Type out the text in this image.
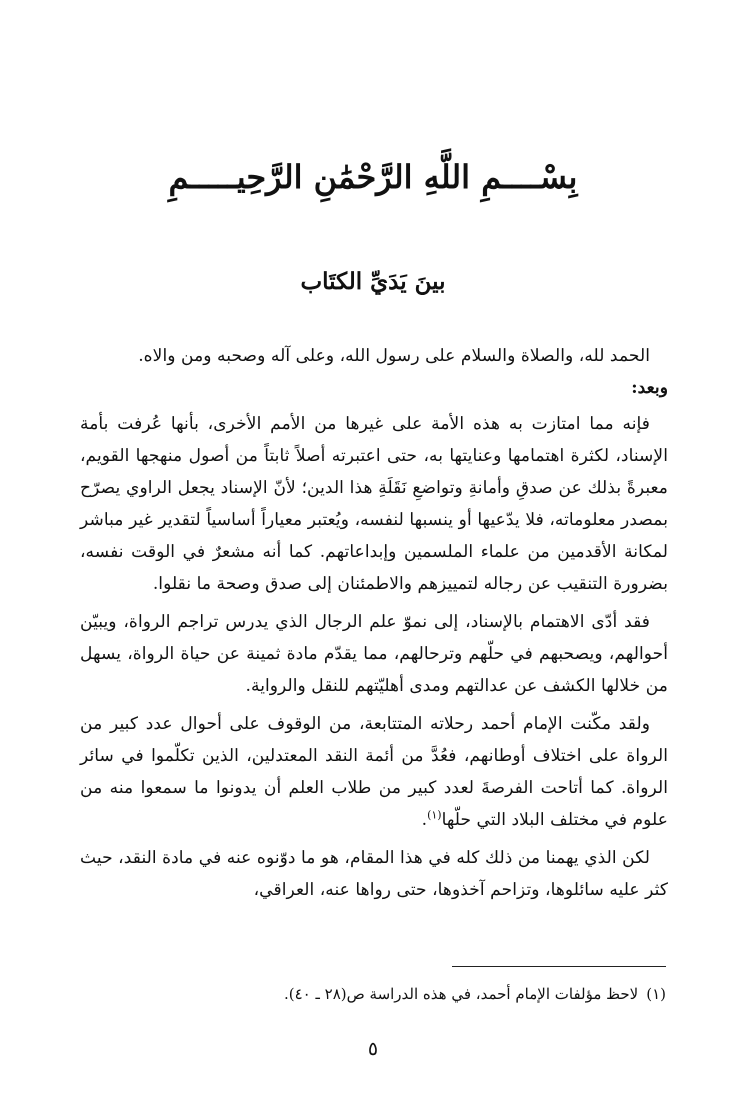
بِسْــــمِ اللَّهِ الرَّحْمَٰنِ الرَّحِيـــــمِ
بينَ يَدَيِّ الكتَاب

الحمد لله، والصلاة والسلام على رسول الله، وعلى آله وصحبه ومن والاه.

وبعد:

فإنه مما امتازت به هذه الأمة على غيرها من الأمم الأخرى، بأنها عُرفت بأمة الإسناد، لكثرة اهتمامها وعنايتها به، حتى اعتبرته أصلاً ثابتاً من أصول منهجها القويم، معبرةً بذلك عن صدقِ وأمانةِ وتواضعِ نَقَلَةِ هذا الدين؛ لأنّ الإسناد يجعل الراوي يصرّح بمصدر معلوماته، فلا يدّعيها أو ينسبها لنفسه، ويُعتبر معياراً أساسياً لتقدير غير مباشر لمكانة الأقدمين من علماء الملسمين وإبداعاتهم. كما أنه مشعرٌ في الوقت نفسه، بضرورة التنقيب عن رجاله لتمييزهم والاطمئنان إلى صدق وصحة ما نقلوا.

فقد أدّى الاهتمام بالإسناد، إلى نموّ علم الرجال الذي يدرس تراجم الرواة، ويبيّن أحوالهم، ويصحبهم في حلّهم وترحالهم، مما يقدّم مادة ثمينة عن حياة الرواة، يسهل من خلالها الكشف عن عدالتهم ومدى أهليّتهم للنقل والرواية.

ولقد مكّنت الإمام أحمد رحلاته المتتابعة، من الوقوف على أحوال عدد كبير من الرواة على اختلاف أوطانهم، فعُدَّ من أئمة النقد المعتدلين، الذين تكلّموا في سائر الرواة. كما أتاحت الفرصةَ لعدد كبير من طلاب العلم أن يدونوا ما سمعوا منه من علوم في مختلف البلاد التي حلّها$^{(١)}$.

لكن الذي يهمنا من ذلك كله في هذا المقام، هو ما دوّنوه عنه في مادة النقد، حيث كثر عليه سائلوها، وتزاحم آخذوها، حتى رواها عنه، العراقي،

(١)لاحظ مؤلفات الإمام أحمد، في هذه الدراسة ص(٢٨ ـ ٤٠).
٥
